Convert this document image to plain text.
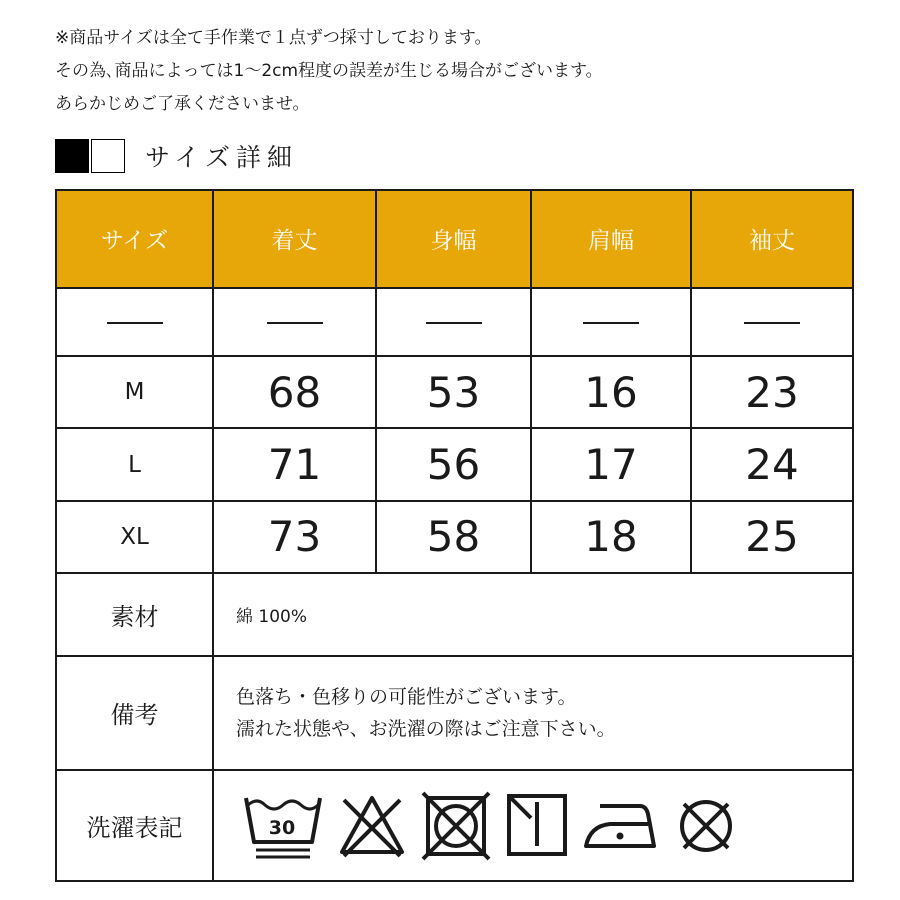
※商品サイズは全て手作業で１点ずつ採寸しております。
その為､商品によっては1～2cm程度の誤差が生じる場合がございます。
あらかじめご了承くださいませ。
サイズ詳細
サイズ	着丈	身幅	肩幅	袖丈

M	68	53	16	23
L	71	56	17	24
XL	73	58	18	25
素材	綿 100%			
備考	色落ち・色移りの可能性がございます。
濡れた状態や、お洗濯の際はご注意下さい。			

洗濯表記	30			
